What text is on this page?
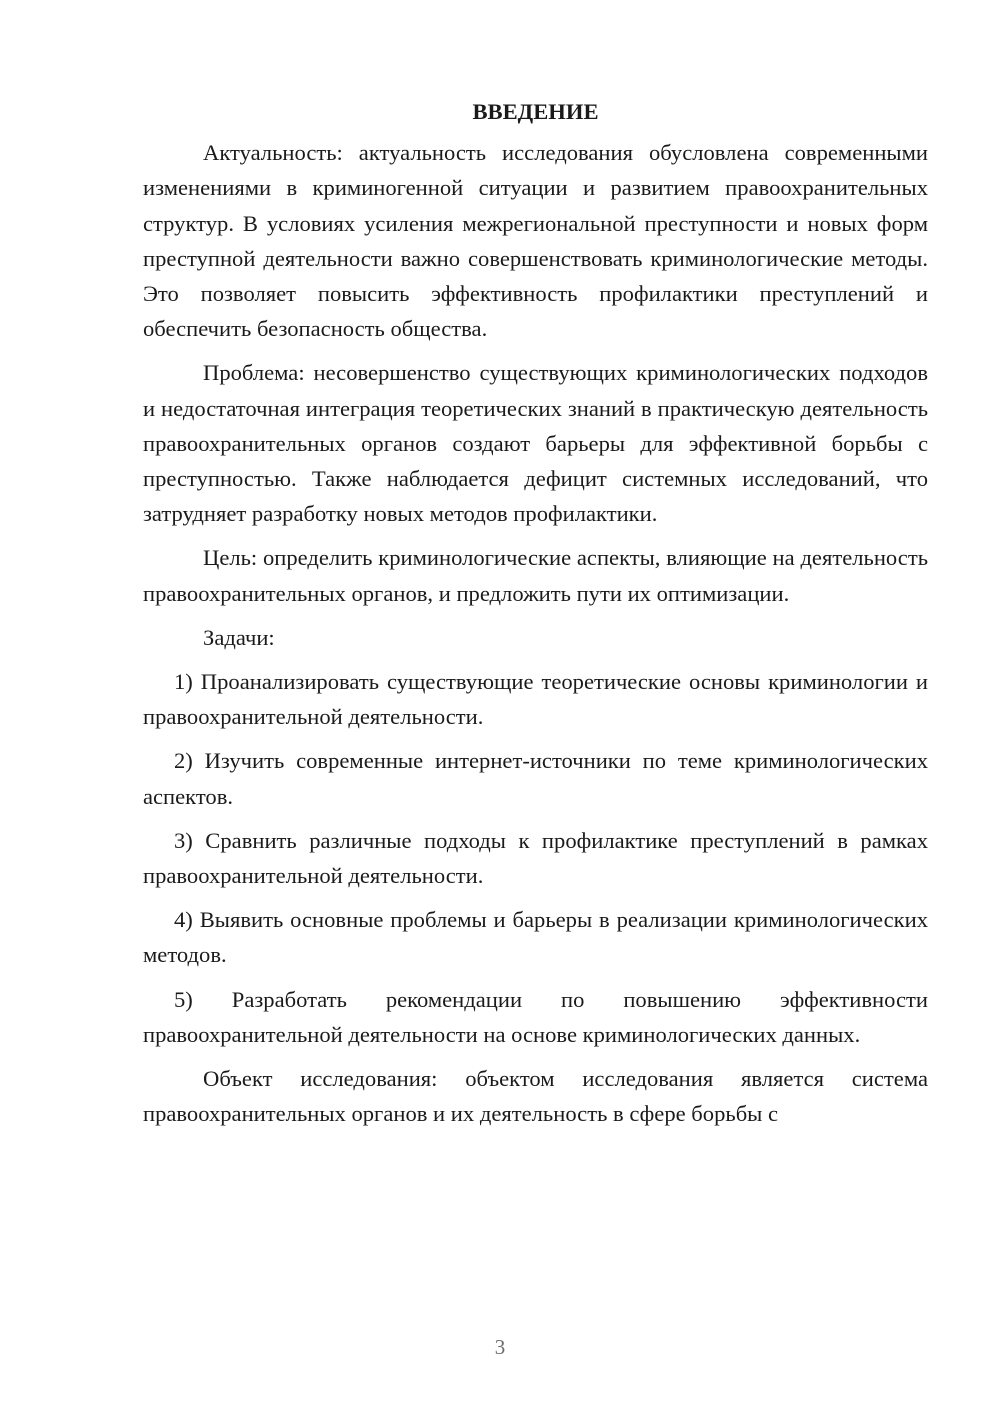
ВВЕДЕНИЕ

Актуальность: актуальность исследования обусловлена современными изменениями в криминогенной ситуации и развитием правоохранительных структур. В условиях усиления межрегиональной преступности и новых форм преступной деятельности важно совершенствовать криминологические методы. Это позволяет повысить эффективность профилактики преступлений и обеспечить безопасность общества.

Проблема: несовершенство существующих криминологических подходов и недостаточная интеграция теоретических знаний в практическую деятельность правоохранительных органов создают барьеры для эффективной борьбы с преступностью. Также наблюдается дефицит системных исследований, что затрудняет разработку новых методов профилактики.

Цель: определить криминологические аспекты, влияющие на деятельность правоохранительных органов, и предложить пути их оптимизации.

Задачи:

1) Проанализировать существующие теоретические основы криминологии и правоохранительной деятельности.

2) Изучить современные интернет-источники по теме криминологических аспектов.

3) Сравнить различные подходы к профилактике преступлений в рамках правоохранительной деятельности.

4) Выявить основные проблемы и барьеры в реализации криминологических методов.

5) Разработать рекомендации по повышению эффективности правоохранительной деятельности на основе криминологических данных.

Объект исследования: объектом исследования является система правоохранительных органов и их деятельность в сфере борьбы с

3
